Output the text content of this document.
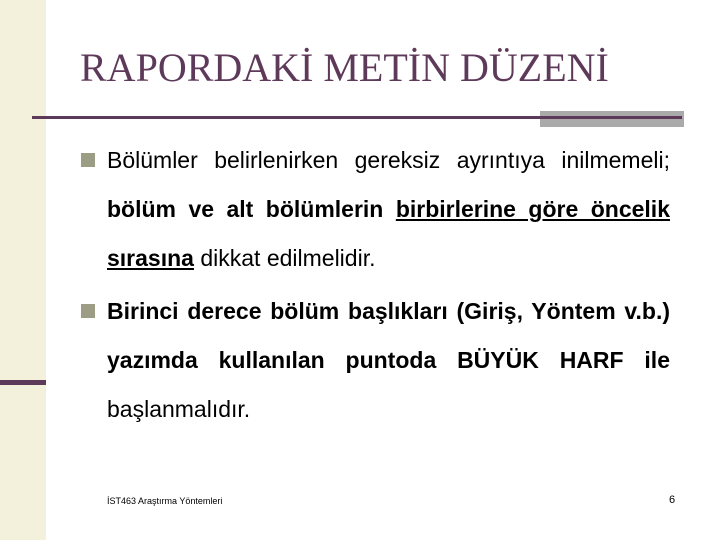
RAPORDAKİ METİN DÜZENİ

Bölümler belirlenirken gereksiz ayrıntıya inilmemeli; bölüm ve alt bölümlerin birbirlerine göre öncelik sırasına dikkat edilmelidir.

Birinci derece bölüm başlıkları (Giriş, Yöntem v.b.) yazımda kullanılan puntoda BÜYÜK HARF ile başlanmalıdır.

İST463 Araştırma Yöntemleri	6
